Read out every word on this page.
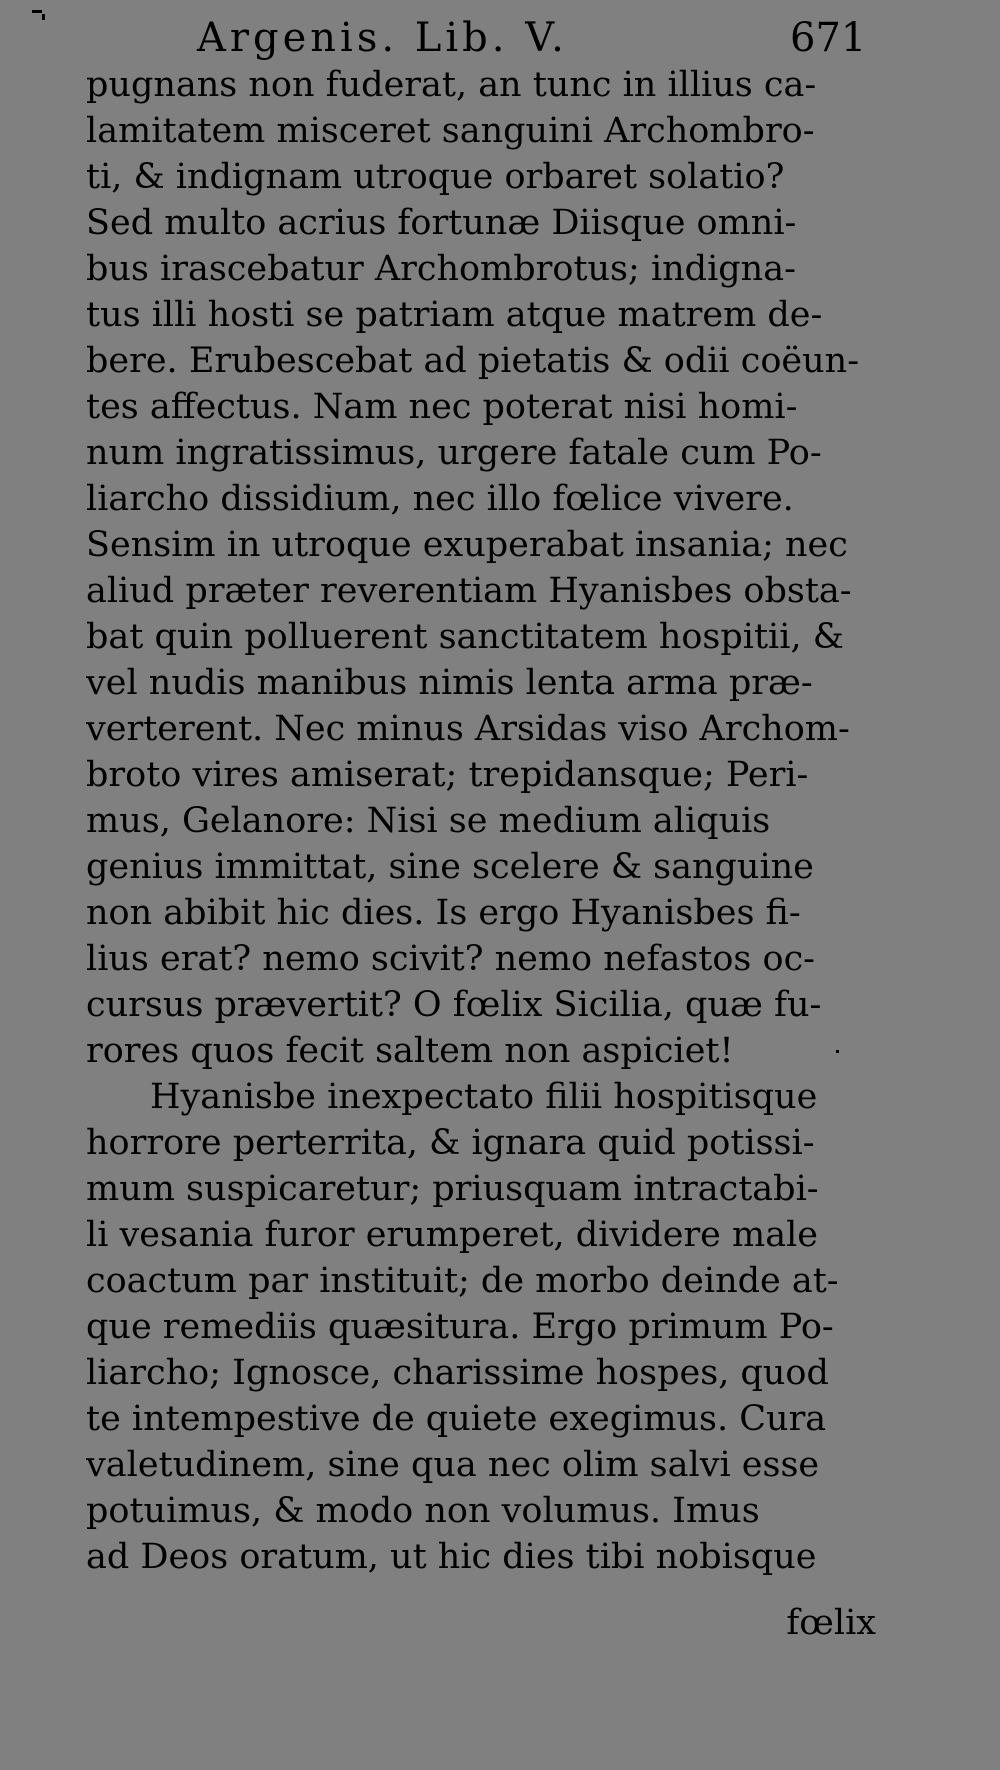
Argenis. Lib. V.	671
pugnans non fuderat, an tunc in illius ca-
lamitatem misceret sanguini Archombro-
ti, & indignam utroque orbaret solatio?
Sed multo acrius fortunæ Diisque omni-
bus irascebatur Archombrotus; indigna-
tus illi hosti se patriam atque matrem de-
bere. Erubescebat ad pietatis & odii coëun-
tes affectus. Nam nec poterat nisi homi-
num ingratissimus, urgere fatale cum Po-
liarcho dissidium, nec illo fœlice vivere.
Sensim in utroque exuperabat insania; nec
aliud præter reverentiam Hyanisbes obsta-
bat quin polluerent sanctitatem hospitii, &
vel nudis manibus nimis lenta arma præ-
verterent. Nec minus Arsidas viso Archom-
broto vires amiserat; trepidansque; Peri-
mus, Gelanore: Nisi se medium aliquis
genius immittat, sine scelere & sanguine
non abibit hic dies. Is ergo Hyanisbes fi-
lius erat? nemo scivit? nemo nefastos oc-
cursus prævertit? O fœlix Sicilia, quæ fu-
rores quos fecit saltem non aspiciet!
Hyanisbe inexpectato filii hospitisque
horrore perterrita, & ignara quid potissi-
mum suspicaretur; priusquam intractabi-
li vesania furor erumperet, dividere male
coactum par instituit; de morbo deinde at-
que remediis quæsitura. Ergo primum Po-
liarcho; Ignosce, charissime hospes, quod
te intempestive de quiete exegimus. Cura
valetudinem, sine qua nec olim salvi esse
potuimus, & modo non volumus. Imus
ad Deos oratum, ut hic dies tibi nobisque
fœlix
